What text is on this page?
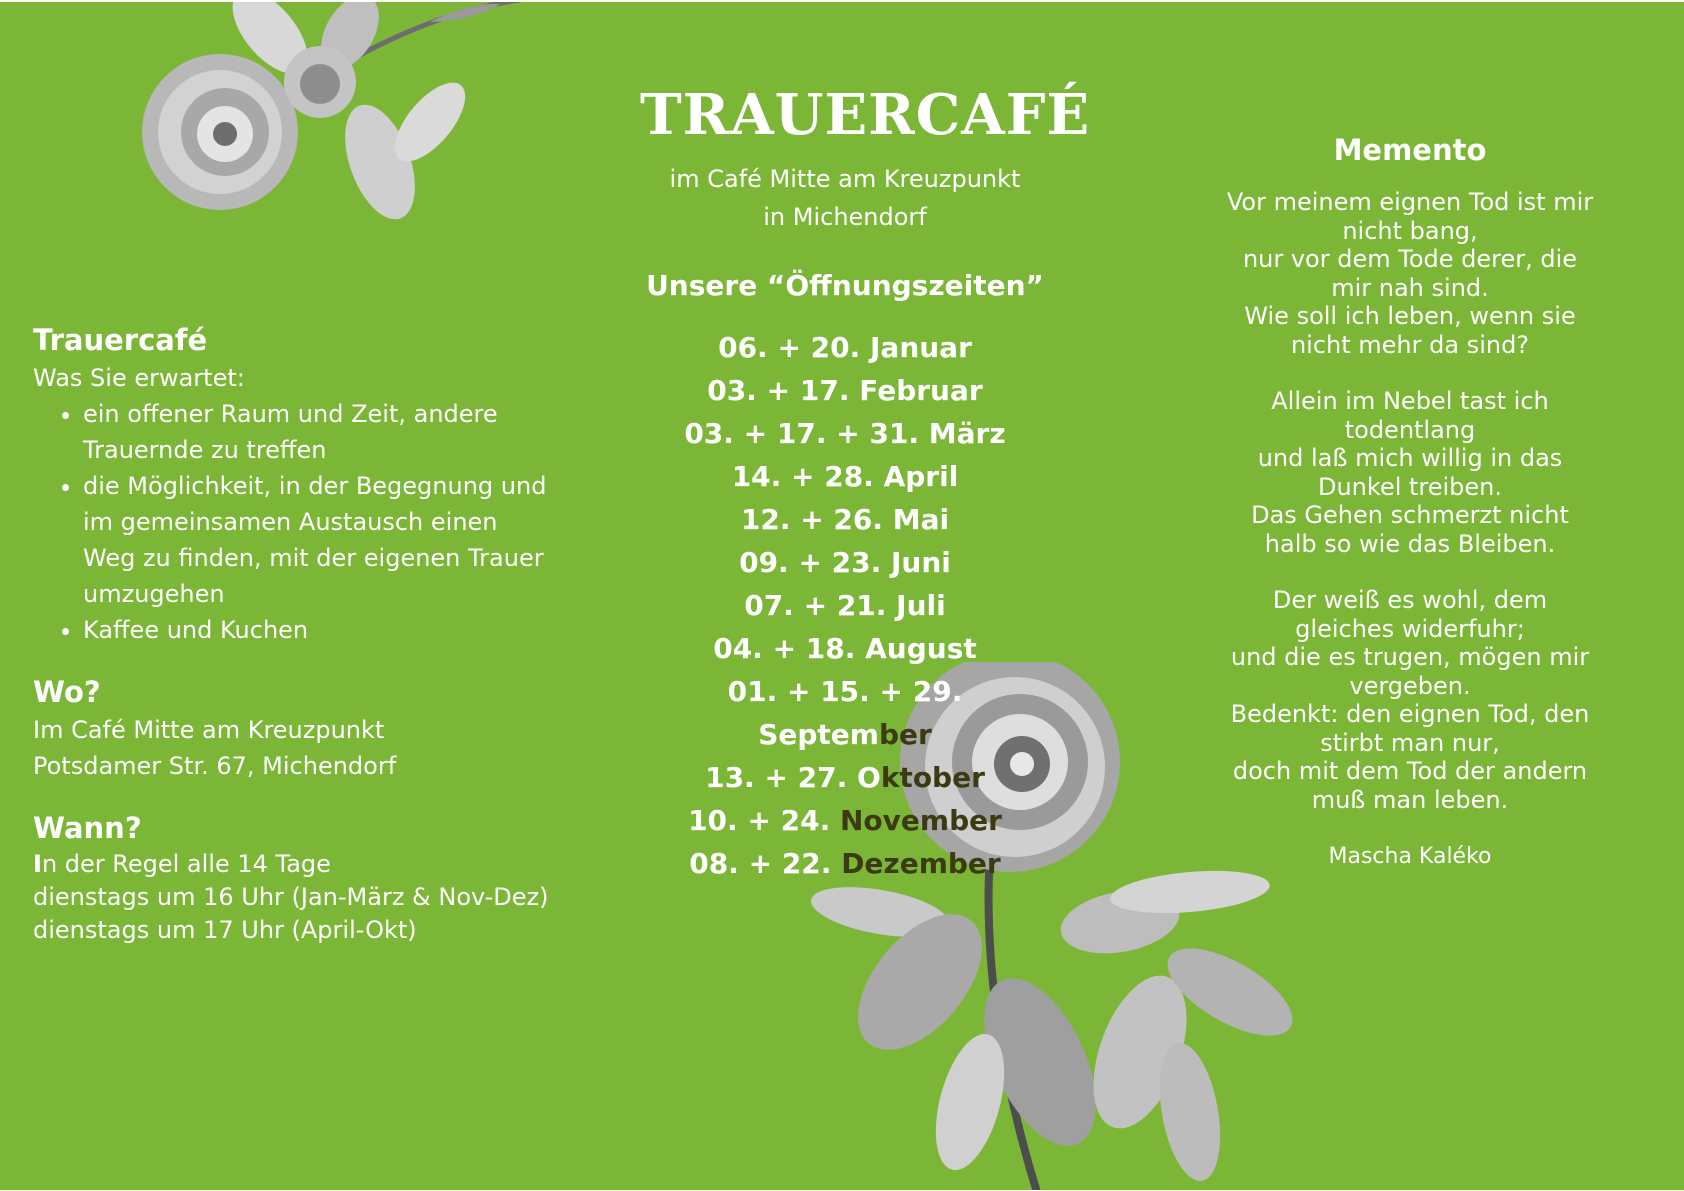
Trauercafé

Was Sie erwartet:

• ein offener Raum und Zeit, andere Trauernde zu treffen
• die Möglichkeit, in der Begegnung und im gemeinsamen Austausch einen Weg zu finden, mit der eigenen Trauer umzugehen
• Kaffee und Kuchen
Wo?

Im Café Mitte am Kreuzpunkt

Potsdamer Str. 67, Michendorf

Wann?

In der Regel alle 14 Tage

dienstags um 16 Uhr (Jan-März & Nov-Dez)

dienstags um 17 Uhr (April-Okt)

TRAUERCAFÉ
im Café Mitte am Kreuzpunkt
in Michendorf
Unsere “Öffnungszeiten”
06. + 20. Januar
03. + 17. Februar
03. + 17. + 31. März
14. + 28. April
12. + 26. Mai
09. + 23. Juni
07. + 21. Juli
04. + 18. August
01. + 15. + 29. September
13. + 27. Oktober
10. + 24. November
08. + 22. Dezember
Memento
Vor meinem eignen Tod ist mir
nicht bang,
nur vor dem Tode derer, die
mir nah sind.
Wie soll ich leben, wenn sie
nicht mehr da sind?
Allein im Nebel tast ich
todentlang
und laß mich willig in das
Dunkel treiben.
Das Gehen schmerzt nicht
halb so wie das Bleiben.
Der weiß es wohl, dem
gleiches widerfuhr;
und die es trugen, mögen mir
vergeben.
Bedenkt: den eignen Tod, den
stirbt man nur,
doch mit dem Tod der andern
muß man leben.
Mascha Kaléko
